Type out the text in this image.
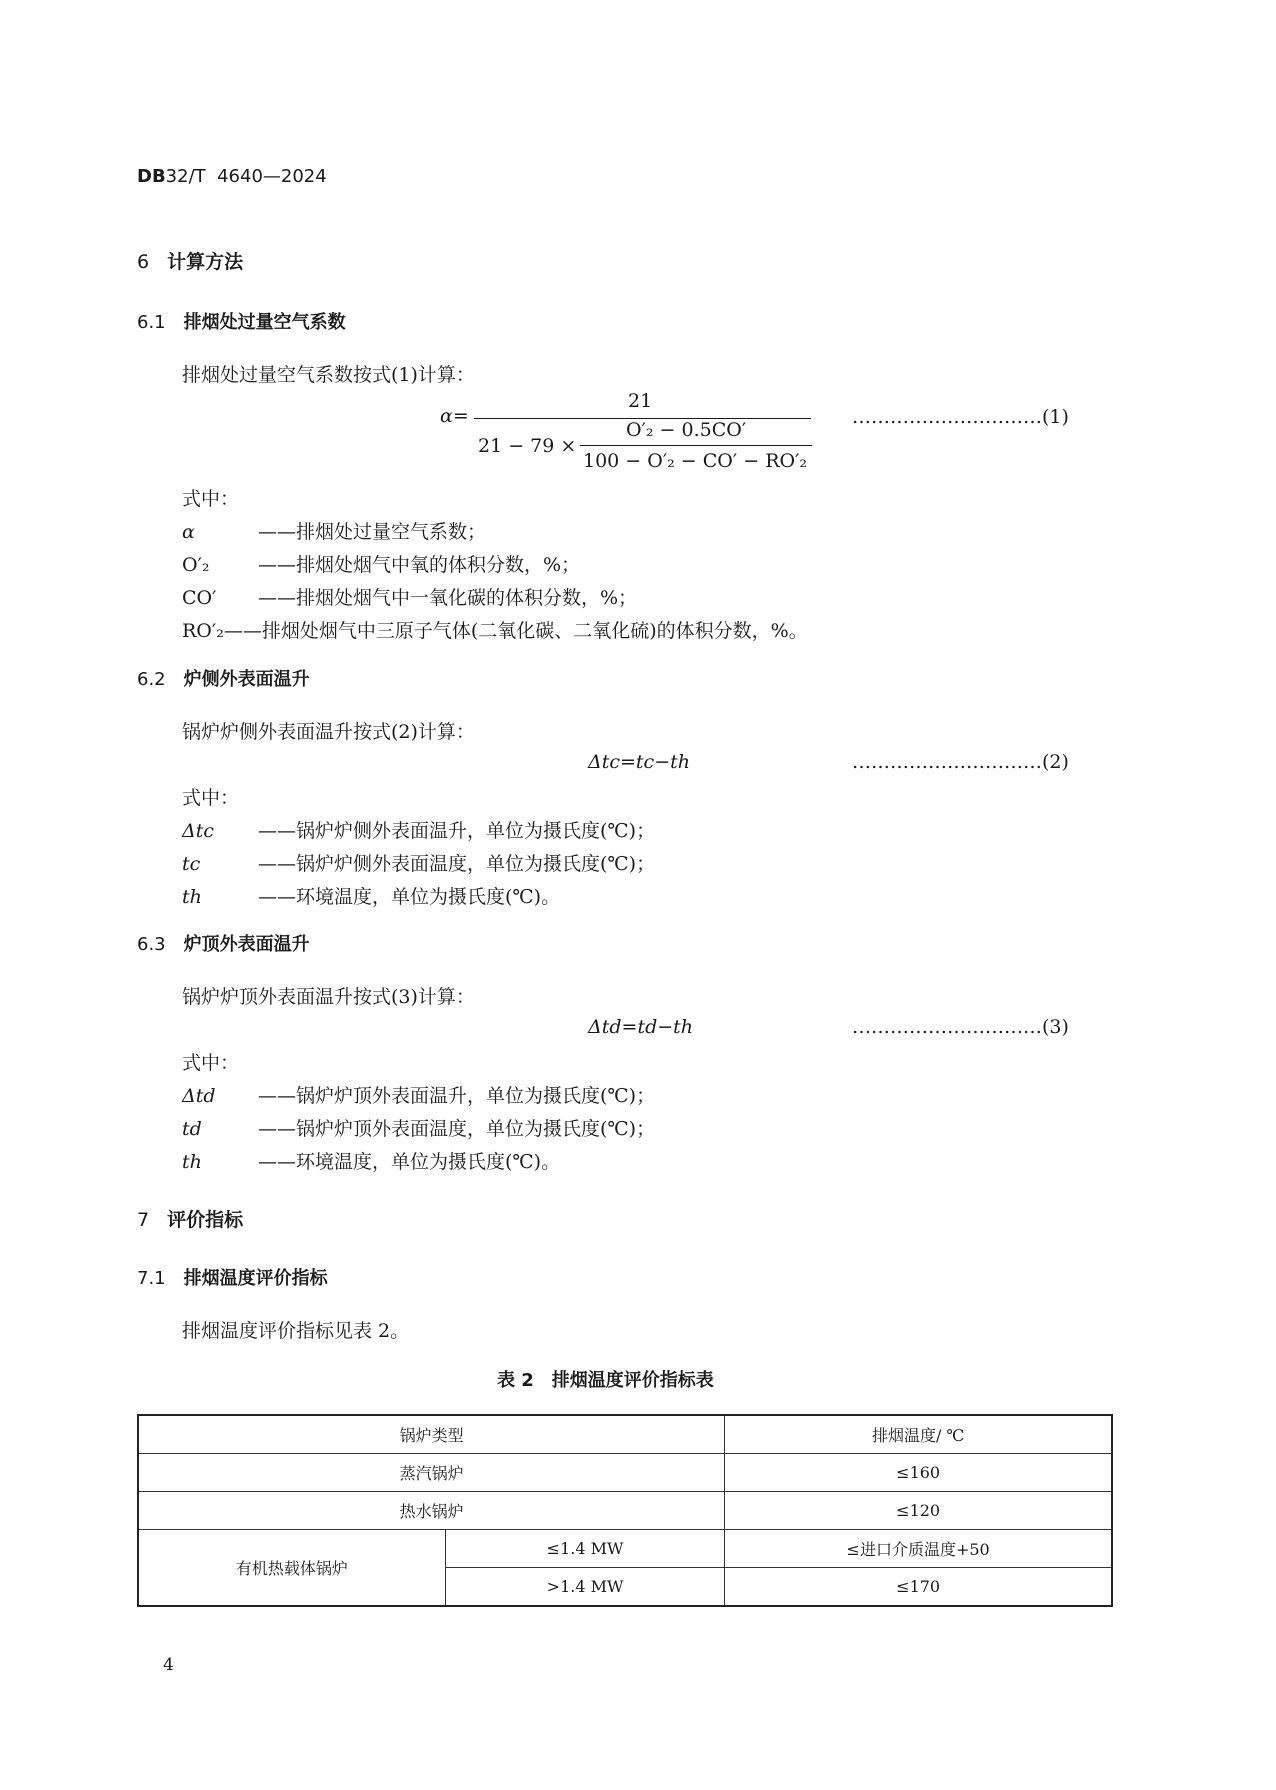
DB32/T 4640—2024
6 计算方法
6.1 排烟处过量空气系数
排烟处过量空气系数按式(1)计算：
α=
21
21 − 79 ×
O′₂ − 0.5CO′
100 − O′₂ − CO′ − RO′₂
…………………………(1)
式中：
α	——排烟处过量空气系数；
O′₂	——排烟处烟气中氧的体积分数，%；
CO′ ——排烟处烟气中一氧化碳的体积分数，%；
RO′₂——排烟处烟气中三原子气体(二氧化碳、二氧化硫)的体积分数，%。
6.2 炉侧外表面温升
锅炉炉侧外表面温升按式(2)计算：
Δtc=tc−th	…………………………(2)
式中：
Δtc ——锅炉炉侧外表面温升，单位为摄氏度(℃)；
tc	——锅炉炉侧外表面温度，单位为摄氏度(℃)；
th	——环境温度，单位为摄氏度(℃)。
6.3 炉顶外表面温升
锅炉炉顶外表面温升按式(3)计算：
Δtd=td−th	…………………………(3)
式中：
Δtd ——锅炉炉顶外表面温升，单位为摄氏度(℃)；
td	——锅炉炉顶外表面温度，单位为摄氏度(℃)；
th	——环境温度，单位为摄氏度(℃)。
7 评价指标
7.1 排烟温度评价指标
排烟温度评价指标见表 2。
表 2　排烟温度评价指标表
锅炉类型		排烟温度/ ℃
蒸汽锅炉		≤160
热水锅炉		≤120
有机热载体锅炉	≤1.4 MW	≤进口介质温度+50
	>1.4 MW	≤170
4
